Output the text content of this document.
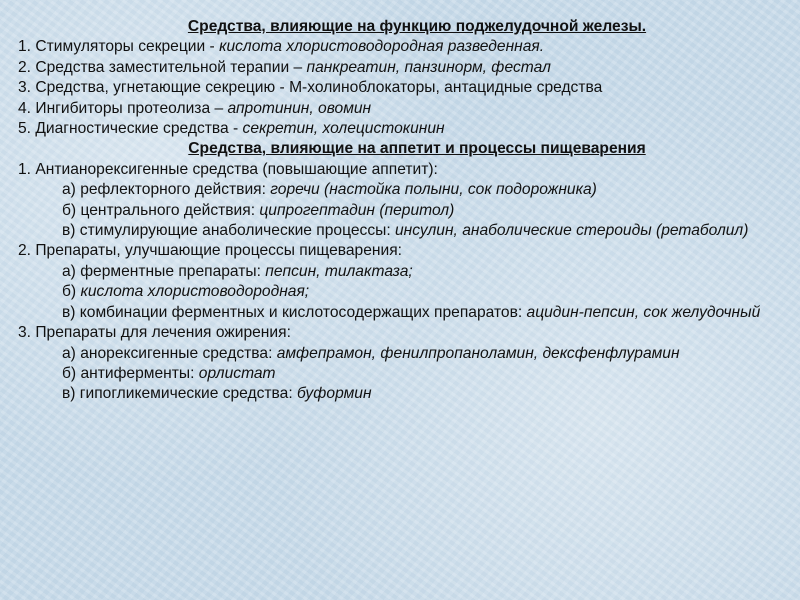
Средства, влияющие на функцию поджелудочной железы.
1. Стимуляторы секреции - кислота хлористоводородная разведенная.
2. Средства заместительной терапии – панкреатин, панзинорм, фестал
3. Средства, угнетающие секрецию - М-холиноблокаторы, антацидные средства
4. Ингибиторы протеолиза – апротинин, овомин
5. Диагностические средства - секретин, холецистокинин
Средства, влияющие на аппетит и процессы пищеварения
1. Антианорексигенные средства (повышающие аппетит):
а) рефлекторного действия: горечи (настойка полыни, сок подорожника)
б) центрального действия: ципрогептадин (перитол)
в) стимулирующие анаболические процессы: инсулин, анаболические стероиды (ретаболил)
2. Препараты, улучшающие процессы пищеварения:
а) ферментные препараты: пепсин, тилактаза;
б) кислота хлористоводородная;
в) комбинации ферментных и кислотосодержащих препаратов: ацидин-пепсин, сок желудочный
3. Препараты для лечения ожирения:
а) анорексигенные средства: амфепрамон, фенилпропаноламин, дексфенфлурамин
б) антиферменты: орлистат
в) гипогликемические средства: буформин
